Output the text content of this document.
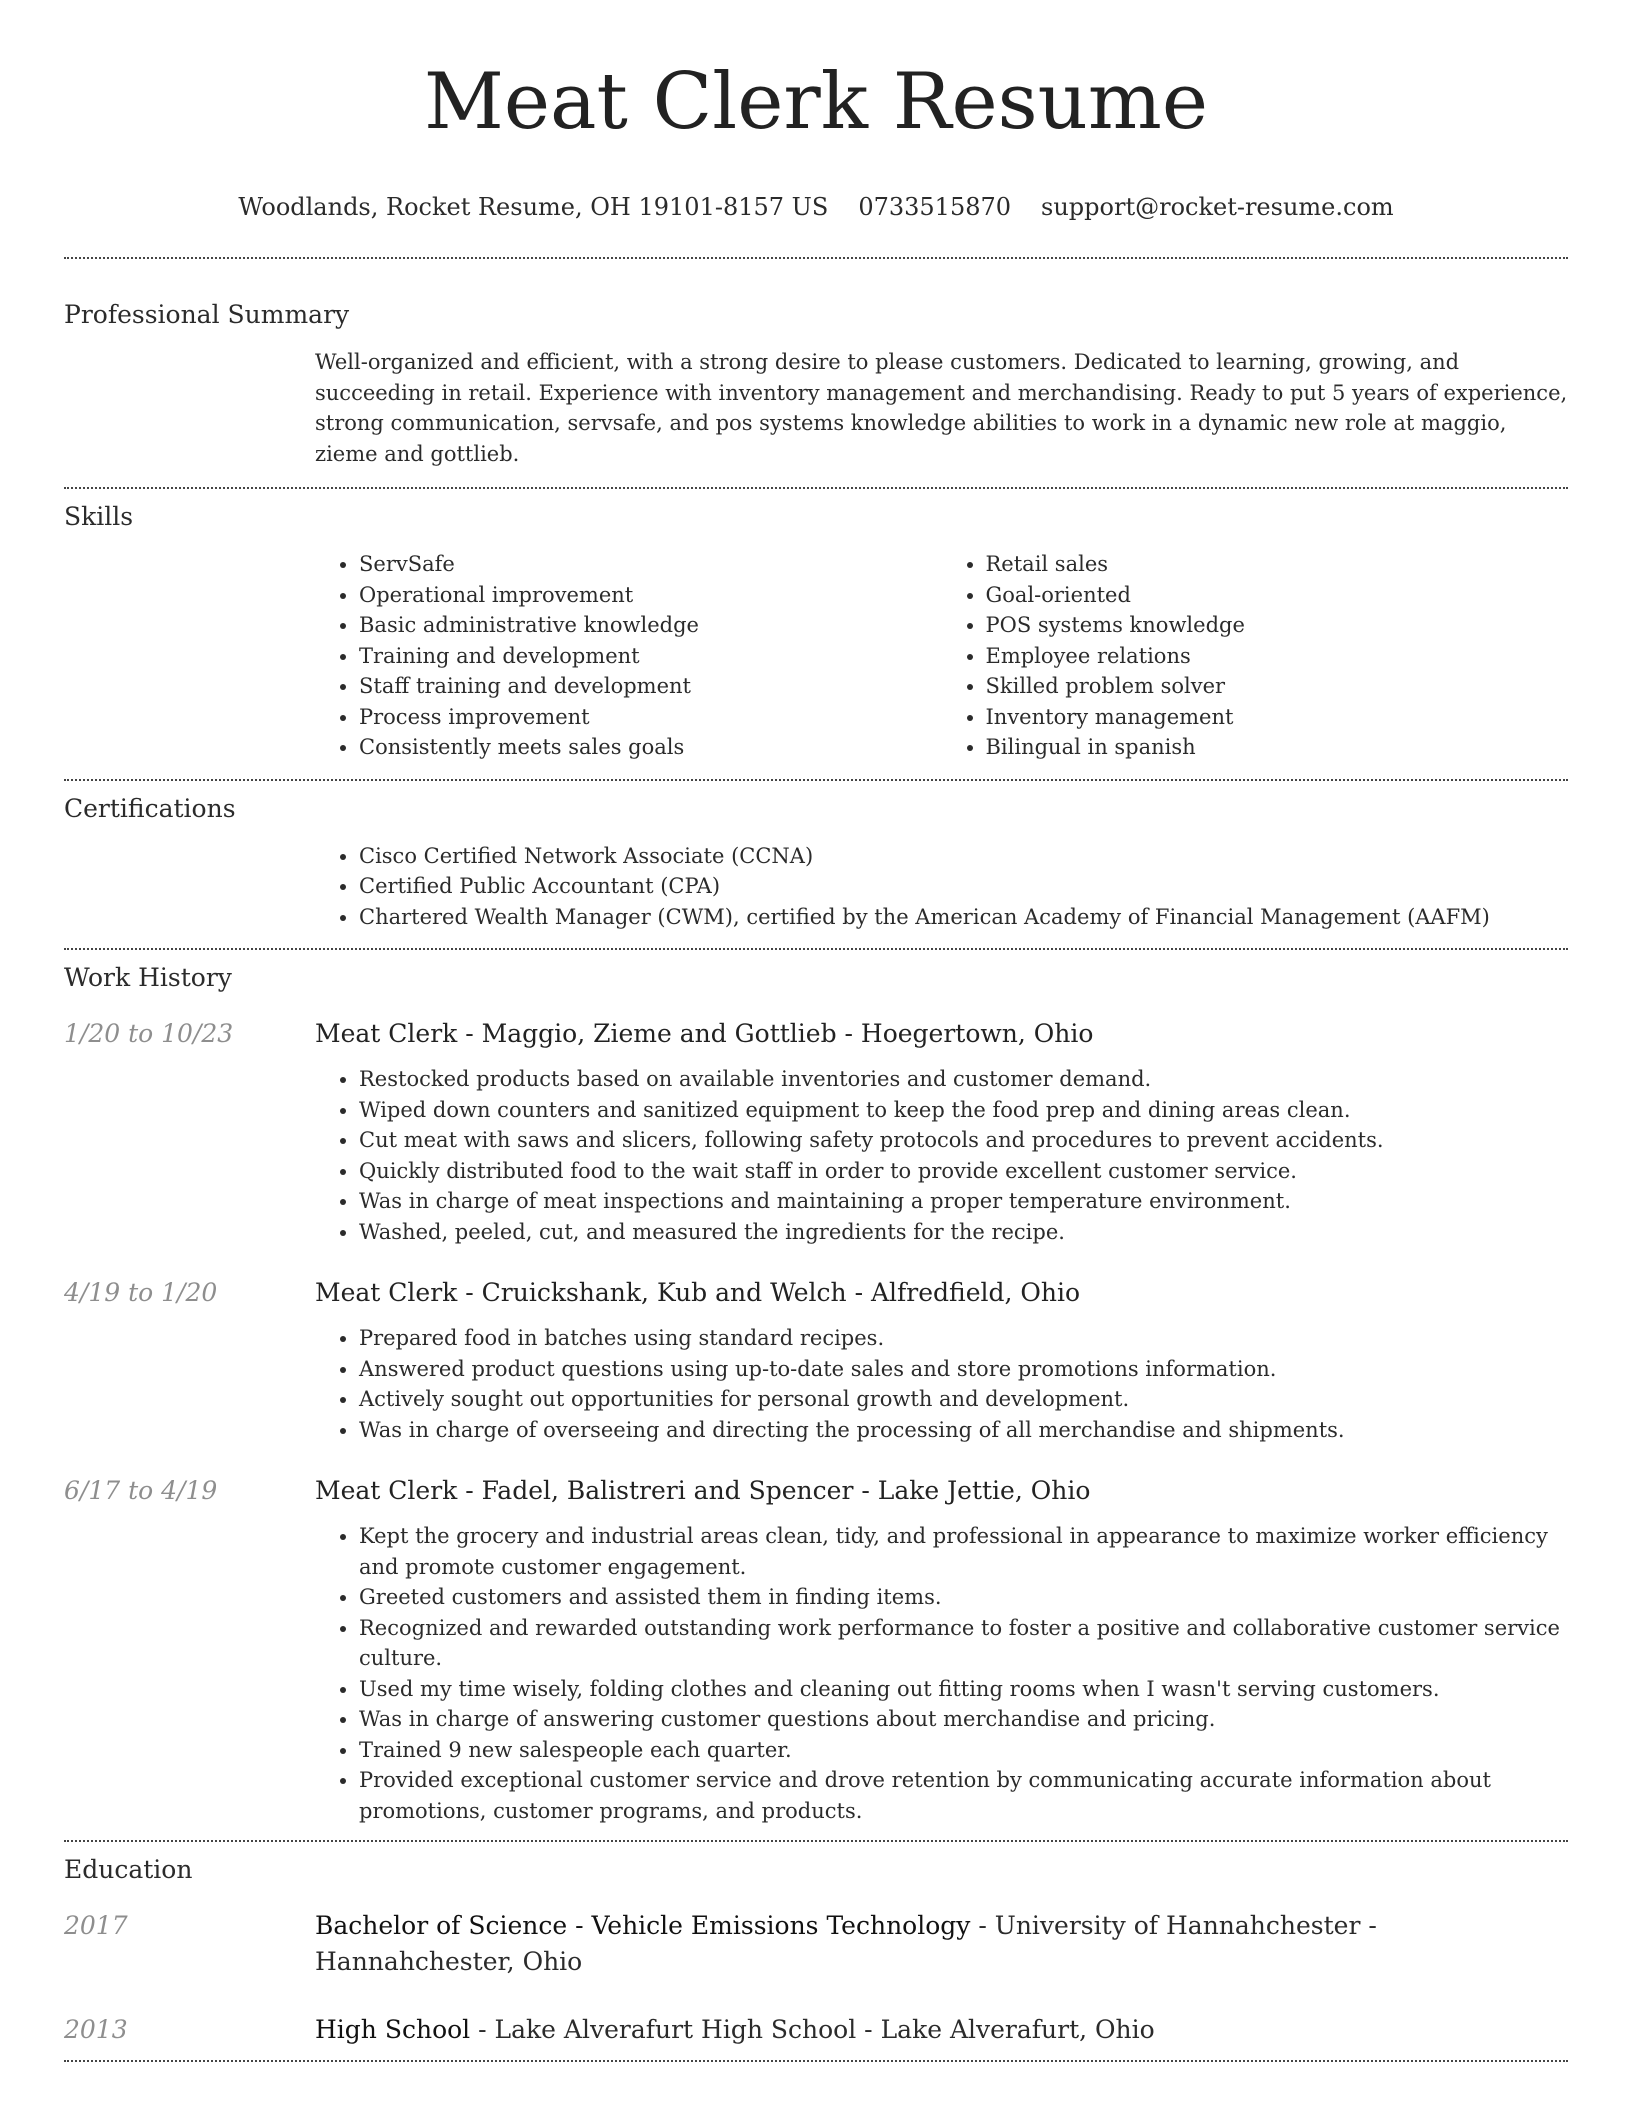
Meat Clerk Resume
Woodlands, Rocket Resume, OH 19101-8157 US 0733515870 support@rocket-resume.com
Professional Summary
Well-organized and efficient, with a strong desire to please customers. Dedicated to learning, growing, and succeeding in retail. Experience with inventory management and merchandising. Ready to put 5 years of experience, strong communication, servsafe, and pos systems knowledge abilities to work in a dynamic new role at maggio, zieme and gottlieb.
Skills
• ServSafe
• Operational improvement
• Basic administrative knowledge
• Training and development
• Staff training and development
• Process improvement
• Consistently meets sales goals
• Retail sales
• Goal-oriented
• POS systems knowledge
• Employee relations
• Skilled problem solver
• Inventory management
• Bilingual in spanish
Certifications
• Cisco Certified Network Associate (CCNA)
• Certified Public Accountant (CPA)
• Chartered Wealth Manager (CWM), certified by the American Academy of Financial Management (AAFM)
Work History
1/20 to 10/23	Meat Clerk - Maggio, Zieme and Gottlieb - Hoegertown, Ohio
• Restocked products based on available inventories and customer demand.
• Wiped down counters and sanitized equipment to keep the food prep and dining areas clean.
• Cut meat with saws and slicers, following safety protocols and procedures to prevent accidents.
• Quickly distributed food to the wait staff in order to provide excellent customer service.
• Was in charge of meat inspections and maintaining a proper temperature environment.
• Washed, peeled, cut, and measured the ingredients for the recipe.
4/19 to 1/20	Meat Clerk - Cruickshank, Kub and Welch - Alfredfield, Ohio
• Prepared food in batches using standard recipes.
• Answered product questions using up-to-date sales and store promotions information.
• Actively sought out opportunities for personal growth and development.
• Was in charge of overseeing and directing the processing of all merchandise and shipments.
6/17 to 4/19	Meat Clerk - Fadel, Balistreri and Spencer - Lake Jettie, Ohio
• Kept the grocery and industrial areas clean, tidy, and professional in appearance to maximize worker efficiency and promote customer engagement.
• Greeted customers and assisted them in finding items.
• Recognized and rewarded outstanding work performance to foster a positive and collaborative customer service culture.
• Used my time wisely, folding clothes and cleaning out fitting rooms when I wasn't serving customers.
• Was in charge of answering customer questions about merchandise and pricing.
• Trained 9 new salespeople each quarter.
• Provided exceptional customer service and drove retention by communicating accurate information about promotions, customer programs, and products.
Education
2017	Bachelor of Science - Vehicle Emissions Technology - University of Hannahchester - Hannahchester, Ohio
2013	High School - Lake Alverafurt High School - Lake Alverafurt, Ohio
